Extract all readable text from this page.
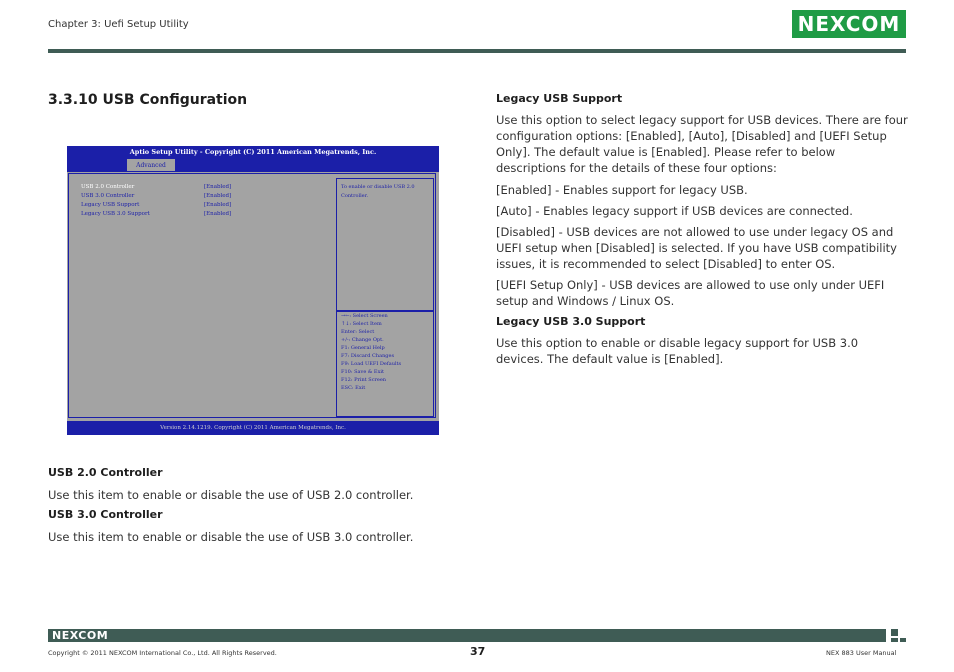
Chapter 3: Uefi Setup Utility	NEXCOM
3.3.10 USB Configuration
Aptio Setup Utility - Copyright (C) 2011 American Megatrends, Inc.
Advanced
USB 2.0 Controller	[Enabled]
USB 3.0 Controller	[Enabled]
Legacy USB Support	[Enabled]
Legacy USB 3.0 Support	[Enabled]
To enable or disable USB 2.0
Controller.
→←: Select Screen
↑↓: Select Item
Enter: Select
+/-: Change Opt.
F1: General Help
F7: Discard Changes
F9: Load UEFI Defaults
F10: Save & Exit
F12: Print Screen
ESC: Exit
Version 2.14.1219. Copyright (C) 2011 American Megatrends, Inc.
USB 2.0 Controller
Use this item to enable or disable the use of USB 2.0 controller.
USB 3.0 Controller
Use this item to enable or disable the use of USB 3.0 controller.
Legacy USB Support
Use this option to select legacy support for USB devices. There are four configuration options: [Enabled], [Auto], [Disabled] and [UEFI Setup Only]. The default value is [Enabled]. Please refer to below descriptions for the details of these four options:
[Enabled] - Enables support for legacy USB.
[Auto] - Enables legacy support if USB devices are connected.
[Disabled] - USB devices are not allowed to use under legacy OS and UEFI setup when [Disabled] is selected. If you have USB compatibility issues, it is recommended to select [Disabled] to enter OS.
[UEFI Setup Only] - USB devices are allowed to use only under UEFI setup and Windows / Linux OS.
Legacy USB 3.0 Support
Use this option to enable or disable legacy support for USB 3.0 devices. The default value is [Enabled].
NEXCOM
Copyright © 2011 NEXCOM International Co., Ltd. All Rights Reserved.	37	NEX 883 User Manual
